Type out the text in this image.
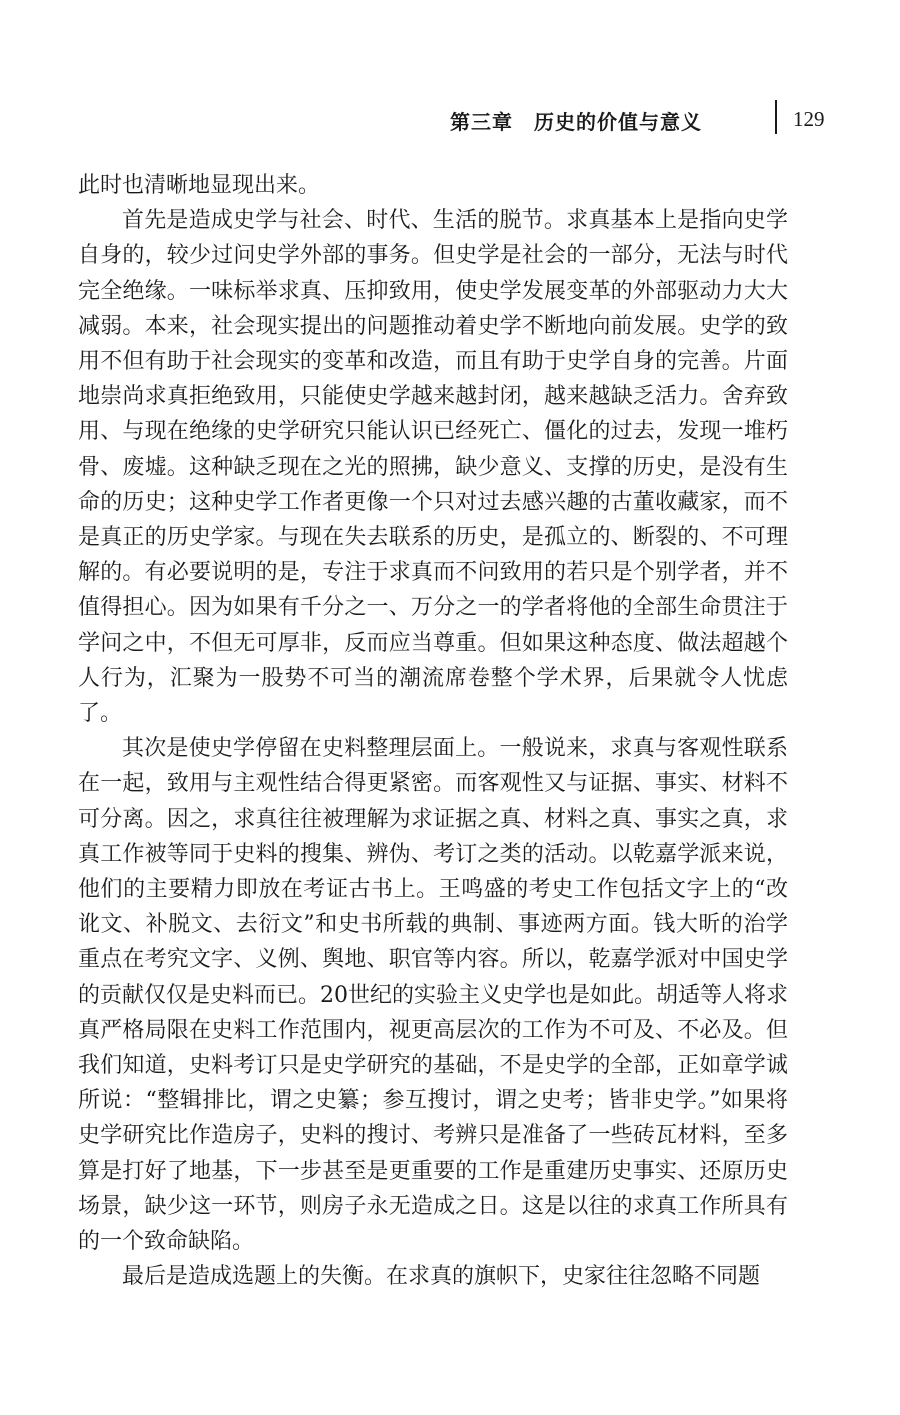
第三章　历史的价值与意义	129

此时也清晰地显现出来。

首先是造成史学与社会、时代、生活的脱节。求真基本上是指向史学自身的，较少过问史学外部的事务。但史学是社会的一部分，无法与时代完全绝缘。一味标举求真、压抑致用，使史学发展变革的外部驱动力大大减弱。本来，社会现实提出的问题推动着史学不断地向前发展。史学的致用不但有助于社会现实的变革和改造，而且有助于史学自身的完善。片面地崇尚求真拒绝致用，只能使史学越来越封闭，越来越缺乏活力。舍弃致用、与现在绝缘的史学研究只能认识已经死亡、僵化的过去，发现一堆朽骨、废墟。这种缺乏现在之光的照拂，缺少意义、支撑的历史，是没有生命的历史；这种史学工作者更像一个只对过去感兴趣的古董收藏家，而不是真正的历史学家。与现在失去联系的历史，是孤立的、断裂的、不可理解的。有必要说明的是，专注于求真而不问致用的若只是个别学者，并不值得担心。因为如果有千分之一、万分之一的学者将他的全部生命贯注于学问之中，不但无可厚非，反而应当尊重。但如果这种态度、做法超越个人行为，汇聚为一股势不可当的潮流席卷整个学术界，后果就令人忧虑了。

其次是使史学停留在史料整理层面上。一般说来，求真与客观性联系在一起，致用与主观性结合得更紧密。而客观性又与证据、事实、材料不可分离。因之，求真往往被理解为求证据之真、材料之真、事实之真，求真工作被等同于史料的搜集、辨伪、考订之类的活动。以乾嘉学派来说，他们的主要精力即放在考证古书上。王鸣盛的考史工作包括文字上的“改讹文、补脱文、去衍文”和史书所载的典制、事迹两方面。钱大昕的治学重点在考究文字、义例、舆地、职官等内容。所以，乾嘉学派对中国史学的贡献仅仅是史料而已。20世纪的实验主义史学也是如此。胡适等人将求真严格局限在史料工作范围内，视更高层次的工作为不可及、不必及。但我们知道，史料考订只是史学研究的基础，不是史学的全部，正如章学诚所说：“整辑排比，谓之史纂；参互搜讨，谓之史考；皆非史学。”如果将史学研究比作造房子，史料的搜讨、考辨只是准备了一些砖瓦材料，至多算是打好了地基，下一步甚至是更重要的工作是重建历史事实、还原历史场景，缺少这一环节，则房子永无造成之日。这是以往的求真工作所具有的一个致命缺陷。

最后是造成选题上的失衡。在求真的旗帜下，史家往往忽略不同题
